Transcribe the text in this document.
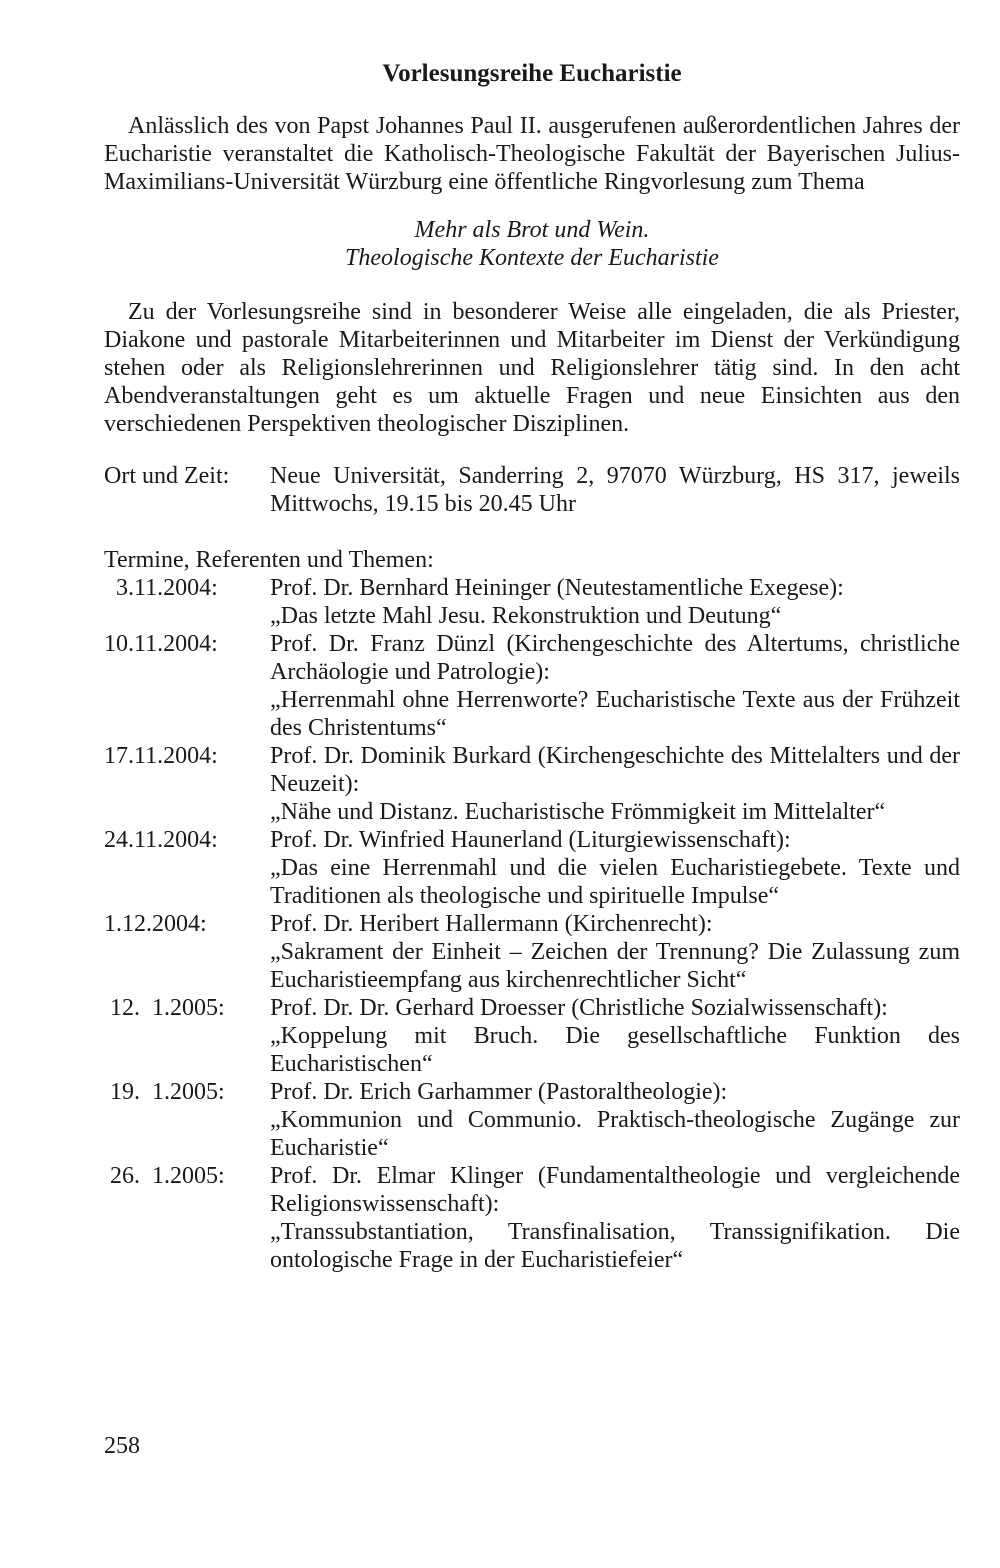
Vorlesungsreihe Eucharistie

Anlässlich des von Papst Johannes Paul II. ausgerufenen außerordentlichen Jahres der Eucharistie veranstaltet die Katholisch-Theologische Fakultät der Bayerischen Julius-Maximilians-Universität Würzburg eine öffentliche Ringvorlesung zum Thema

Mehr als Brot und Wein.
Theologische Kontexte der Eucharistie

Zu der Vorlesungsreihe sind in besonderer Weise alle eingeladen, die als Priester, Diakone und pastorale Mitarbeiterinnen und Mitarbeiter im Dienst der Verkündigung stehen oder als Religionslehrerinnen und Religionslehrer tätig sind. In den acht Abendveranstaltungen geht es um aktuelle Fragen und neue Einsichten aus den verschiedenen Perspektiven theologischer Disziplinen.

Ort und Zeit:	Neue Universität, Sanderring 2, 97070 Würzburg, HS 317, jeweils Mittwochs, 19.15 bis 20.45 Uhr
Termine, Referenten und Themen:
3.11.2004:	Prof. Dr. Bernhard Heininger (Neutestamentliche Exegese):
„Das letzte Mahl Jesu. Rekonstruktion und Deutung“
10.11.2004:	Prof. Dr. Franz Dünzl (Kirchengeschichte des Altertums, christliche Archäologie und Patrologie):
„Herrenmahl ohne Herrenworte? Eucharistische Texte aus der Frühzeit des Christentums“
17.11.2004:	Prof. Dr. Dominik Burkard (Kirchengeschichte des Mittelalters und der Neuzeit):
„Nähe und Distanz. Eucharistische Frömmigkeit im Mittelalter“
24.11.2004:	Prof. Dr. Winfried Haunerland (Liturgiewissenschaft):
„Das eine Herrenmahl und die vielen Eucharistiegebete. Texte und Traditionen als theologische und spirituelle Impulse“
1.12.2004:	Prof. Dr. Heribert Hallermann (Kirchenrecht):
„Sakrament der Einheit – Zeichen der Trennung? Die Zulassung zum Eucharistieempfang aus kirchenrechtlicher Sicht“
12.  1.2005:	Prof. Dr. Dr. Gerhard Droesser (Christliche Sozialwissenschaft):
„Koppelung mit Bruch. Die gesellschaftliche Funktion des Eucharistischen“
19.  1.2005:	Prof. Dr. Erich Garhammer (Pastoraltheologie):
„Kommunion und Communio. Praktisch-theologische Zugänge zur Eucharistie“
26.  1.2005:	Prof. Dr. Elmar Klinger (Fundamentaltheologie und vergleichende Religionswissenschaft):
„Transsubstantiation, Transfinalisation, Transsignifikation. Die ontologische Frage in der Eucharistiefeier“
258
